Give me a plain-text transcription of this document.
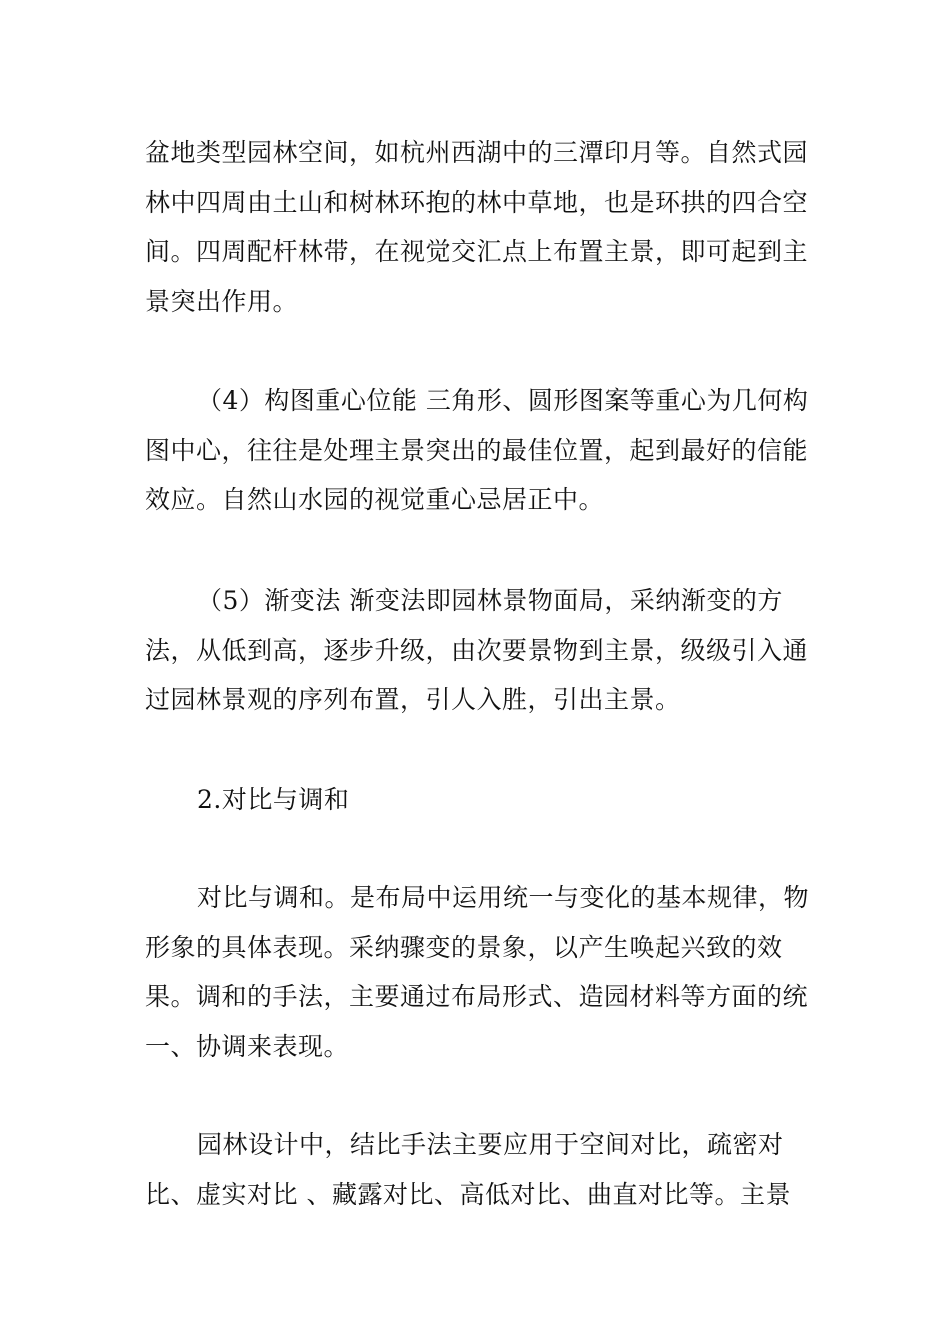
盆地类型园林空间，如杭州西湖中的三潭印月等。自然式园林中四周由土山和树林环抱的林中草地，也是环拱的四合空间。四周配杆林带，在视觉交汇点上布置主景，即可起到主景突出作用。

（4）构图重心位能 三角形、圆形图案等重心为几何构图中心，往往是处理主景突出的最佳位置，起到最好的信能效应。自然山水园的视觉重心忌居正中。

（5）渐变法 渐变法即园林景物面局，采纳渐变的方法，从低到高，逐步升级，由次要景物到主景，级级引入通过园林景观的序列布置，引人入胜，引出主景。

2.对比与调和

对比与调和。是布局中运用统一与变化的基本规律，物形象的具体表现。采纳骤变的景象，以产生唤起兴致的效果。调和的手法，主要通过布局形式、造园材料等方面的统一、协调来表现。

园林设计中，结比手法主要应用于空间对比，疏密对比、虚实对比 、藏露对比、高低对比、曲直对比等。主景
